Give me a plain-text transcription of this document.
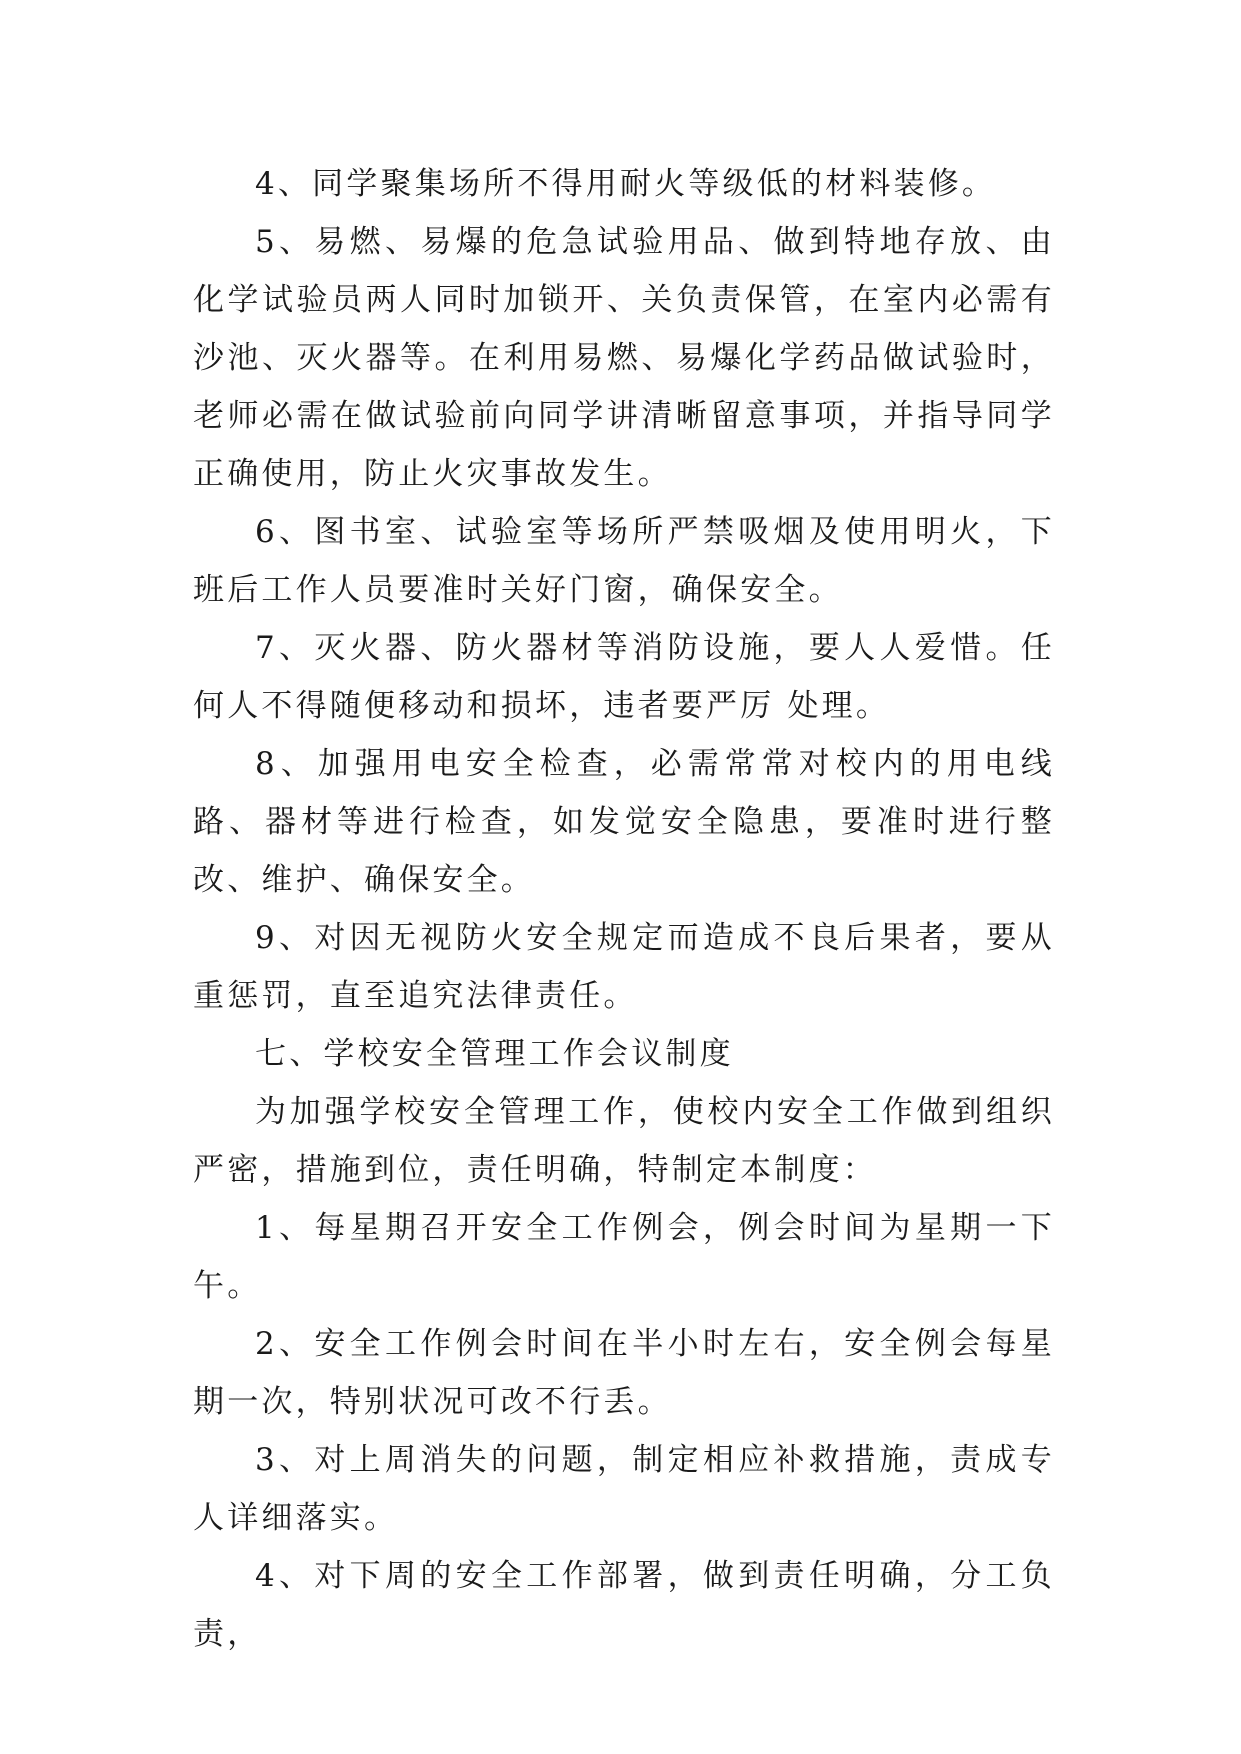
4、同学聚集场所不得用耐火等级低的材料装修。

5、易燃、易爆的危急试验用品、做到特地存放、由化学试验员两人同时加锁开、关负责保管，在室内必需有沙池、灭火器等。在利用易燃、易爆化学药品做试验时，老师必需在做试验前向同学讲清晰留意事项，并指导同学正确使用，防止火灾事故发生。

6、图书室、试验室等场所严禁吸烟及使用明火，下班后工作人员要准时关好门窗，确保安全。

7、灭火器、防火器材等消防设施，要人人爱惜。任何人不得随便移动和损坏，违者要严厉 处理。

8、加强用电安全检查，必需常常对校内的用电线路、器材等进行检查，如发觉安全隐患，要准时进行整改、维护、确保安全。

9、对因无视防火安全规定而造成不良后果者，要从重惩罚，直至追究法律责任。

七、学校安全管理工作会议制度

为加强学校安全管理工作，使校内安全工作做到组织严密，措施到位，责任明确，特制定本制度：

1、每星期召开安全工作例会，例会时间为星期一下午。

2、安全工作例会时间在半小时左右，安全例会每星期一次，特别状况可改不行丢。

3、对上周消失的问题，制定相应补救措施，责成专人详细落实。

4、对下周的安全工作部署，做到责任明确，分工负责，
